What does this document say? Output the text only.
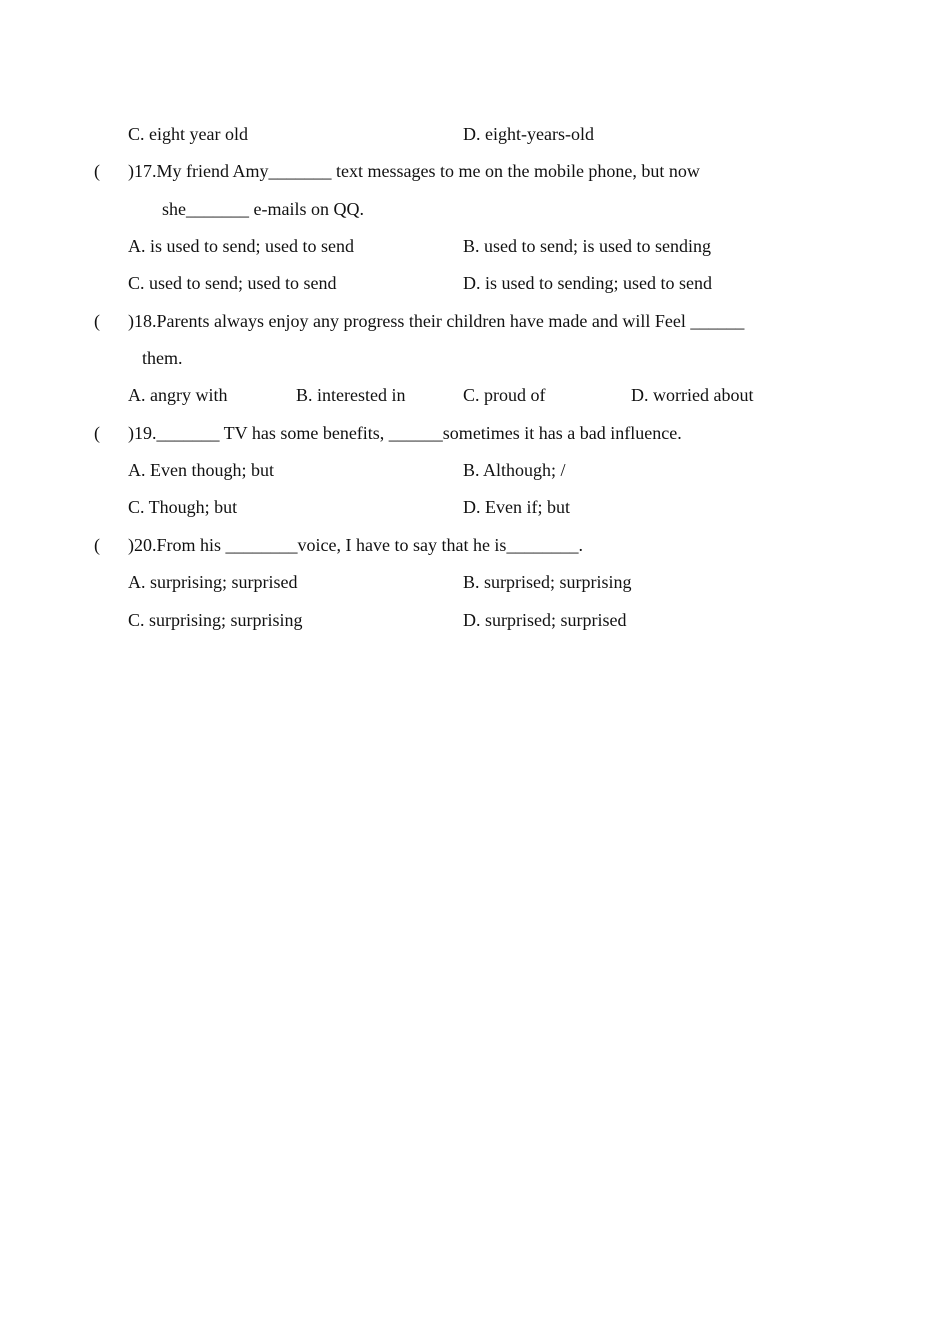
C. eight year old	D. eight-years-old
( )17.My friend Amy_______ text messages to me on the mobile phone, but now
she_______ e-mails on QQ.
A. is used to send; used to send	B. used to send; is used to sending
C. used to send; used to send	D. is used to sending; used to send
( )18.Parents always enjoy any progress their children have made and will Feel ______
them.
A. angry with	B. interested in	C. proud of	D. worried about
( )19._______ TV has some benefits, ______sometimes it has a bad influence.
A. Even though; but	B. Although; /
C. Though; but	D. Even if; but
( )20.From his ________voice, I have to say that he is________.
A. surprising; surprised	B. surprised; surprising
C. surprising; surprising	D. surprised; surprised
